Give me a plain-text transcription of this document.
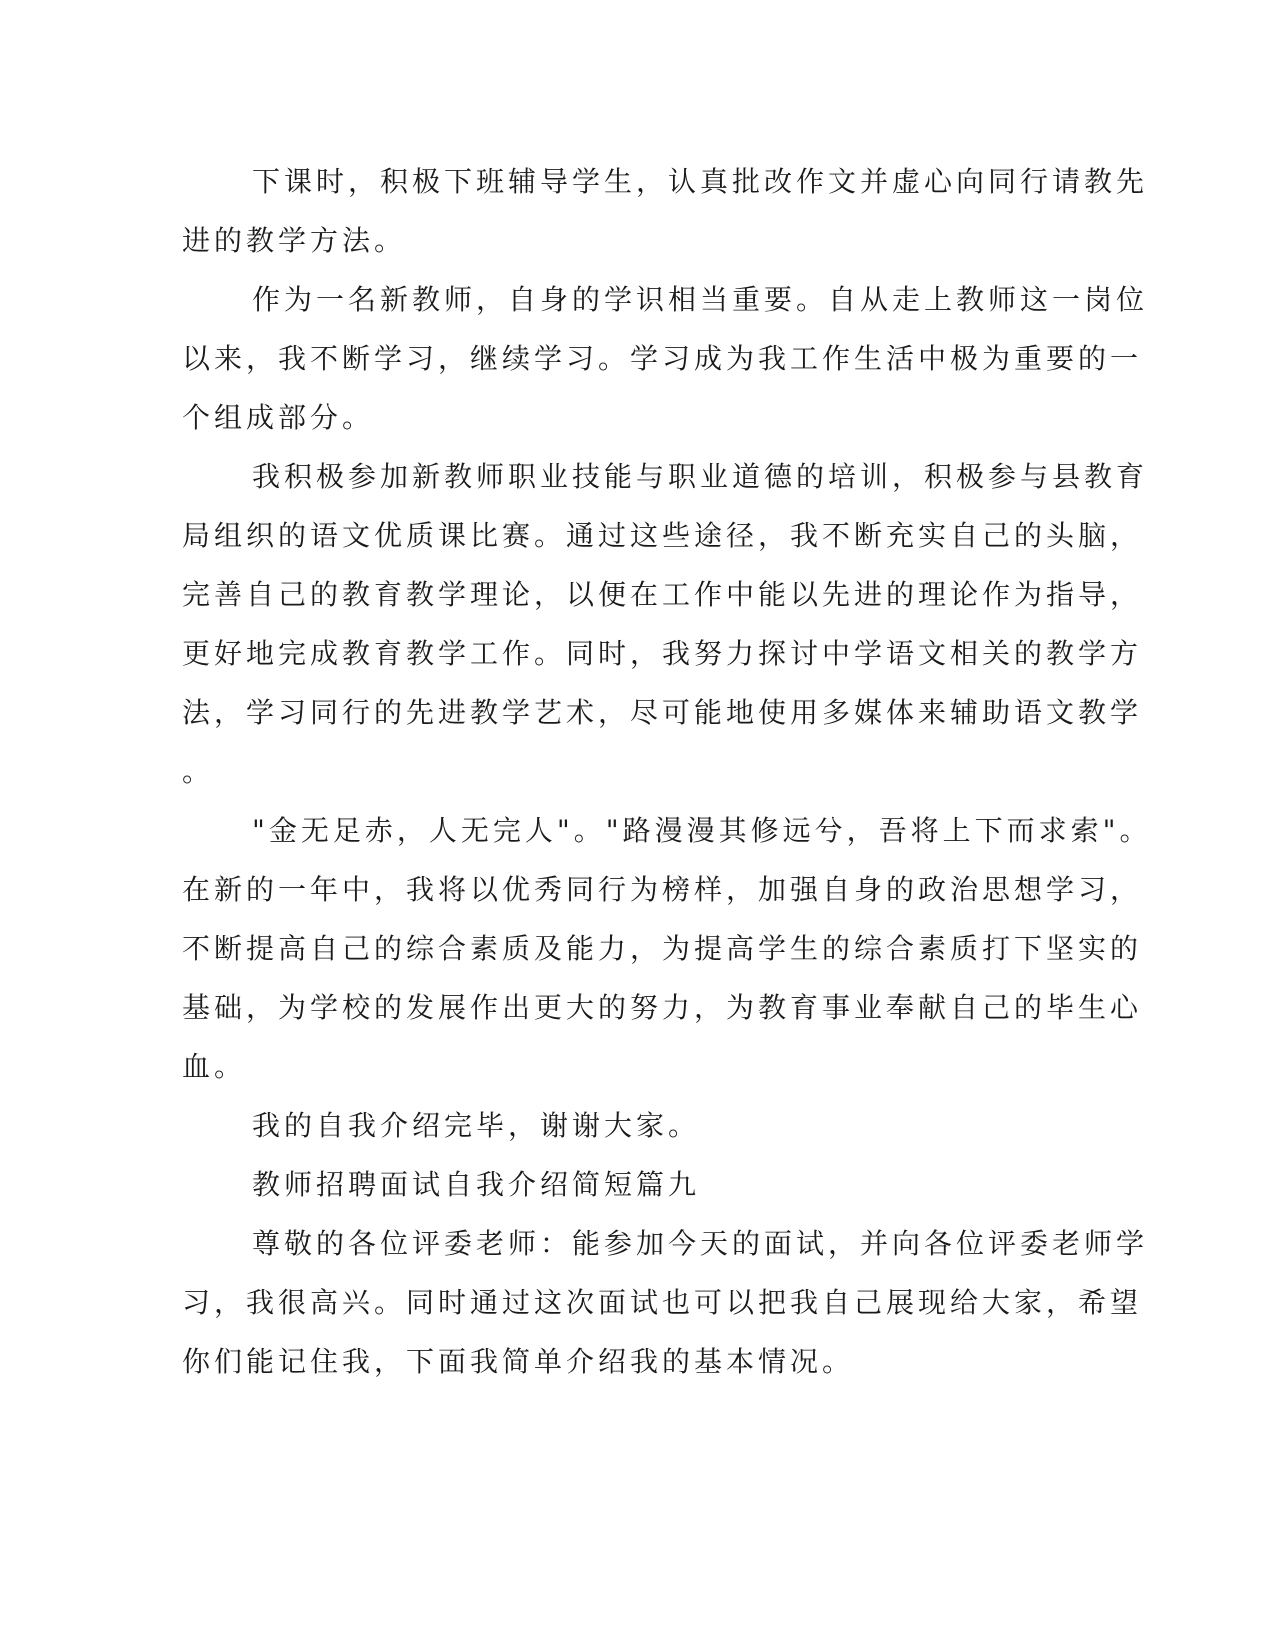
下课时，积极下班辅导学生，认真批改作文并虚心向同行请教先

进的教学方法。

作为一名新教师，自身的学识相当重要。自从走上教师这一岗位

以来，我不断学习，继续学习。学习成为我工作生活中极为重要的一

个组成部分。

我积极参加新教师职业技能与职业道德的培训，积极参与县教育

局组织的语文优质课比赛。通过这些途径，我不断充实自己的头脑，

完善自己的教育教学理论，以便在工作中能以先进的理论作为指导，

更好地完成教育教学工作。同时，我努力探讨中学语文相关的教学方

法，学习同行的先进教学艺术，尽可能地使用多媒体来辅助语文教学

。

"金无足赤，人无完人"。"路漫漫其修远兮，吾将上下而求索"。

在新的一年中，我将以优秀同行为榜样，加强自身的政治思想学习，

不断提高自己的综合素质及能力，为提高学生的综合素质打下坚实的

基础，为学校的发展作出更大的努力，为教育事业奉献自己的毕生心

血。

我的自我介绍完毕，谢谢大家。

教师招聘面试自我介绍简短篇九

尊敬的各位评委老师：能参加今天的面试，并向各位评委老师学

习，我很高兴。同时通过这次面试也可以把我自己展现给大家，希望

你们能记住我，下面我简单介绍我的基本情况。
